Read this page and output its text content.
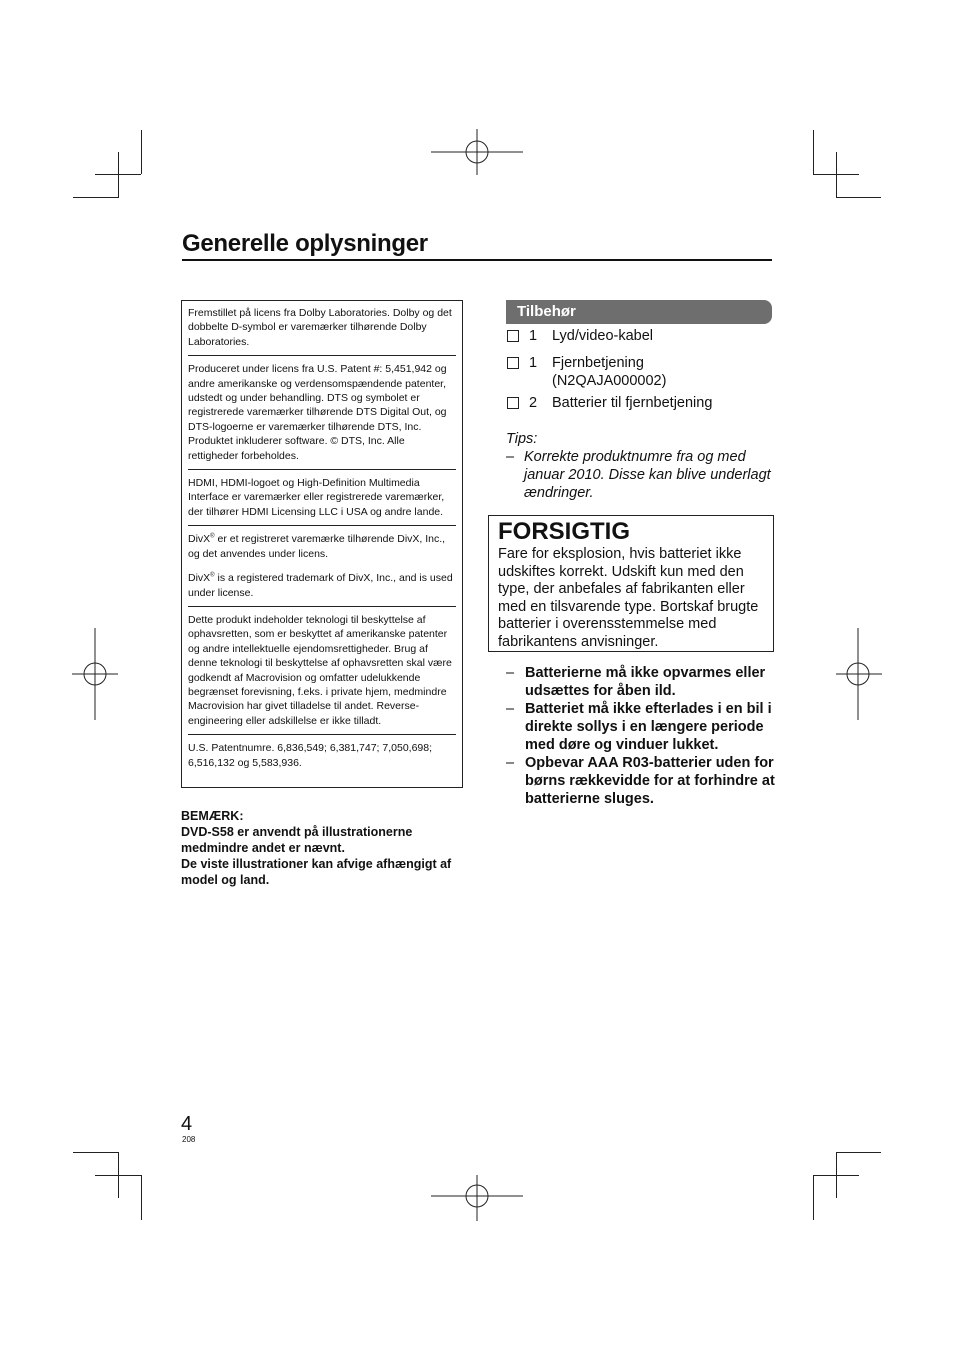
Generelle oplysninger

Fremstillet på licens fra Dolby Laboratories. Dolby og det dobbelte D-symbol er varemærker tilhørende Dolby Laboratories.

Produceret under licens fra U.S. Patent #: 5,451,942 og andre amerikanske og verdensomspændende patenter, udstedt og under behandling. DTS og symbolet er registrerede varemærker tilhørende DTS Digital Out, og DTS-logoerne er varemærker tilhørende DTS, Inc. Produktet inkluderer software. © DTS, Inc. Alle rettigheder forbeholdes.

HDMI, HDMI-logoet og High-Definition Multimedia Interface er varemærker eller registrerede varemærker, der tilhører HDMI Licensing LLC i USA og andre lande.

DivX® er et registreret varemærke tilhørende DivX, Inc., og det anvendes under licens.

DivX® is a registered trademark of DivX, Inc., and is used under license.

Dette produkt indeholder teknologi til beskyttelse af ophavsretten, som er beskyttet af amerikanske patenter og andre intellektuelle ejendomsrettigheder. Brug af denne teknologi til beskyttelse af ophavsretten skal være godkendt af Macrovision og omfatter udelukkende begrænset forevisning, f.eks. i private hjem, medmindre Macrovision har givet tilladelse til andet. Reverse-engineering eller adskillelse er ikke tilladt.

U.S. Patentnumre. 6,836,549; 6,381,747; 7,050,698; 6,516,132 og 5,583,936.

BEMÆRK:

DVD-S58 er anvendt på illustrationerne medmindre andet er nævnt.

De viste illustrationer kan afvige afhængigt af model og land.

Tilbehør
1 Lyd/video-kabel
1 Fjernbetjening
(N2QAJA000002)
2 Batterier til fjernbetjening
Tips:
– Korrekte produktnumre fra og med januar 2010. Disse kan blive underlagt ændringer.
FORSIGTIG
Fare for eksplosion, hvis batteriet ikke udskiftes korrekt. Udskift kun med den type, der anbefales af fabrikanten eller med en tilsvarende type. Bortskaf brugte batterier i overensstemmelse med fabrikantens anvisninger.
– Batterierne må ikke opvarmes eller udsættes for åben ild.
– Batteriet må ikke efterlades i en bil i direkte sollys i en længere periode med døre og vinduer lukket.
– Opbevar AAA R03-batterier uden for børns rækkevidde for at forhindre at batterierne sluges.
4
208
